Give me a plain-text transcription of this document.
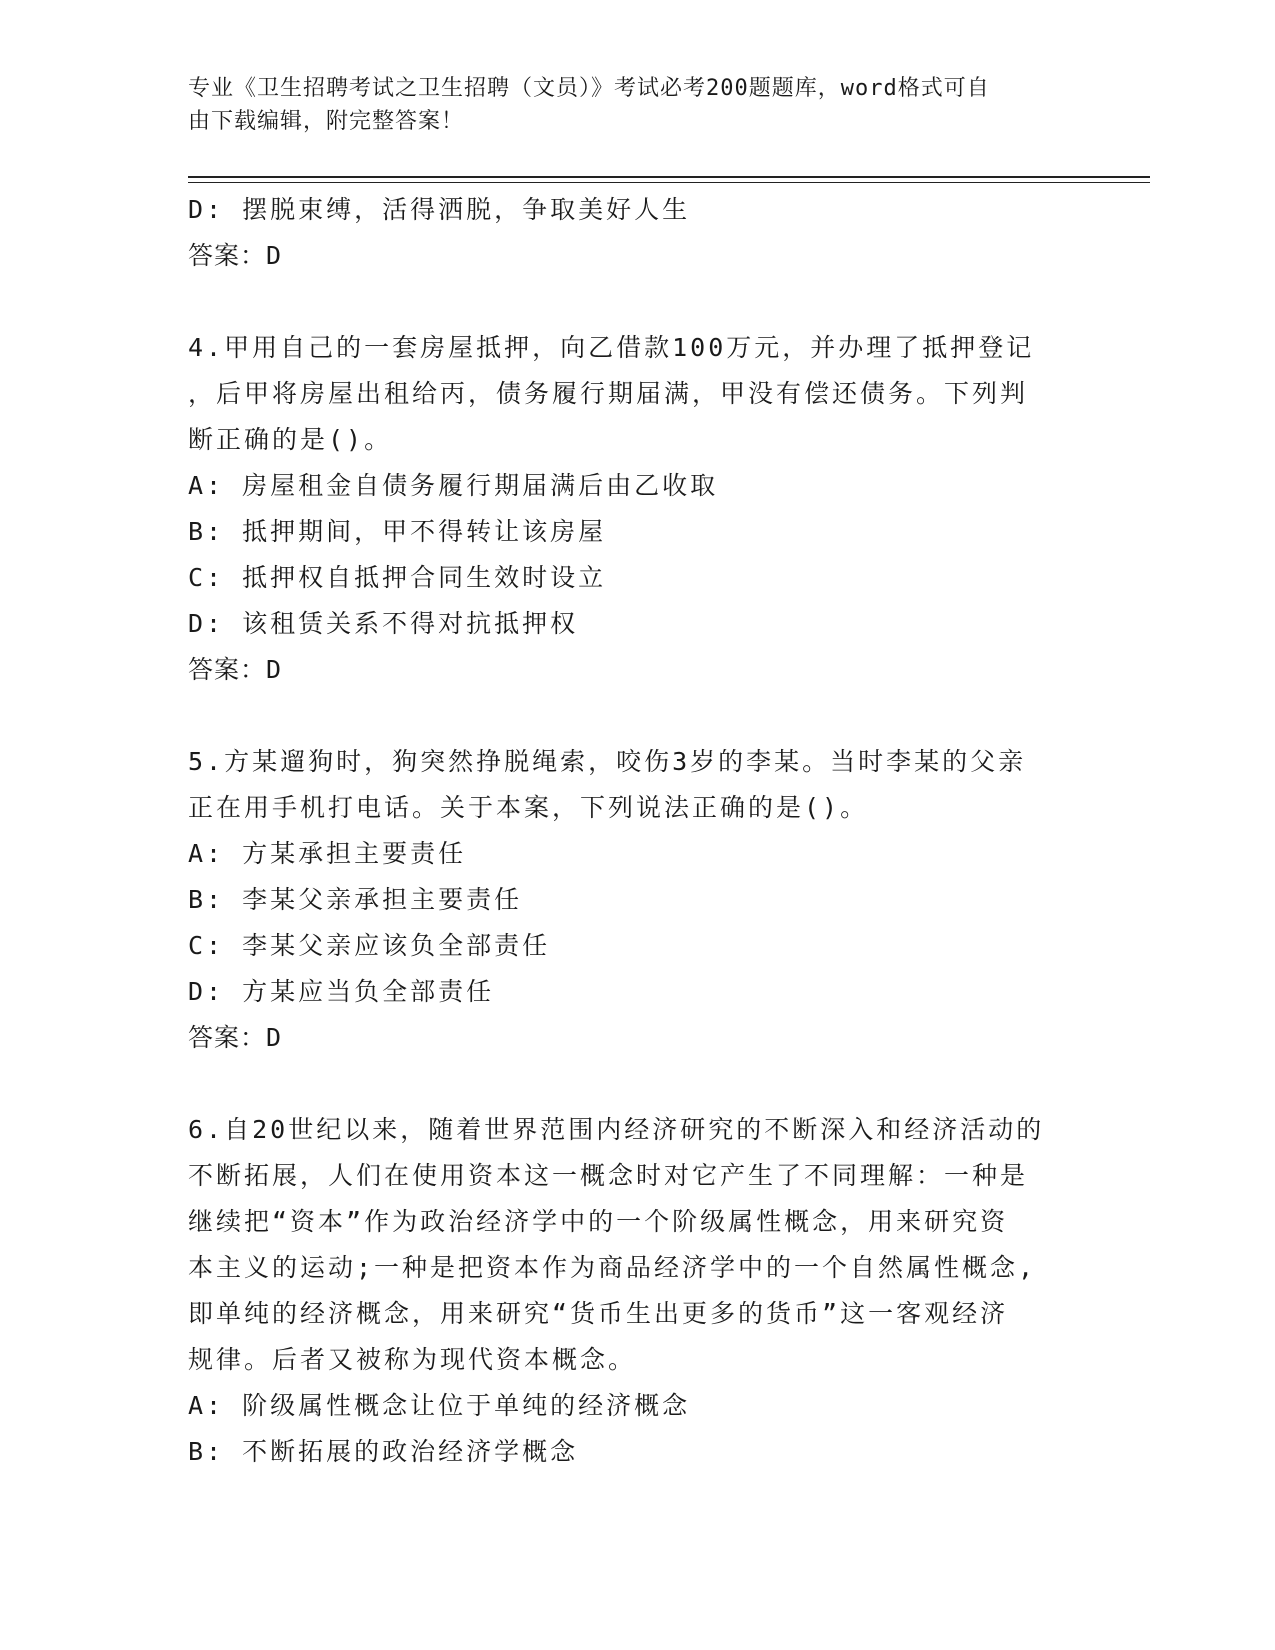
专业《卫生招聘考试之卫生招聘（文员）》考试必考200题题库，word格式可自
由下载编辑，附完整答案！
D: 摆脱束缚，活得洒脱，争取美好人生
答案：D
4.甲用自己的一套房屋抵押，向乙借款100万元，并办理了抵押登记
，后甲将房屋出租给丙，债务履行期届满，甲没有偿还债务。下列判
断正确的是()。
A: 房屋租金自债务履行期届满后由乙收取
B: 抵押期间，甲不得转让该房屋
C: 抵押权自抵押合同生效时设立
D: 该租赁关系不得对抗抵押权
答案：D
5.方某遛狗时，狗突然挣脱绳索，咬伤3岁的李某。当时李某的父亲
正在用手机打电话。关于本案，下列说法正确的是()。
A: 方某承担主要责任
B: 李某父亲承担主要责任
C: 李某父亲应该负全部责任
D: 方某应当负全部责任
答案：D
6.自20世纪以来，随着世界范围内经济研究的不断深入和经济活动的
不断拓展，人们在使用资本这一概念时对它产生了不同理解：一种是
继续把“资本”作为政治经济学中的一个阶级属性概念，用来研究资
本主义的运动;一种是把资本作为商品经济学中的一个自然属性概念,
即单纯的经济概念，用来研究“货币生出更多的货币”这一客观经济
规律。后者又被称为现代资本概念。
A: 阶级属性概念让位于单纯的经济概念
B: 不断拓展的政治经济学概念
